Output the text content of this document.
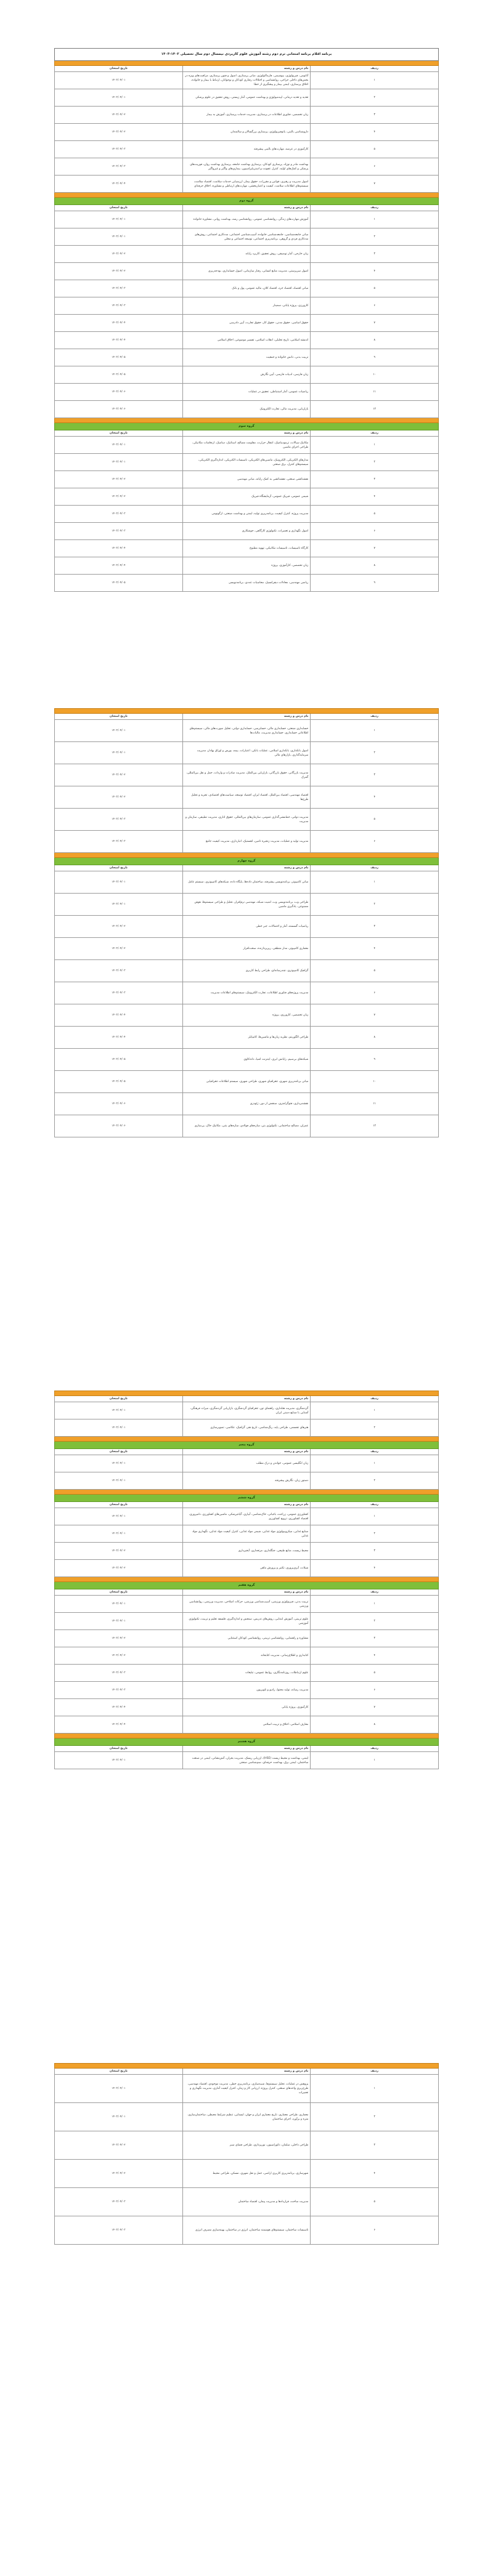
برنامه اقلام برنامه امتحانی ترم دوم رشته آموزش علوم کاربردی نیمسال دوم سال تحصیلی ۱۴۰۲-۱۴۰۳		

ردیف	نام درس و رشته	تاریخ امتحان
۱	آناتومی، فیزیولوژی، بیوشیمی، فارماکولوژی، مبانی پرستاری، اصول و فنون پرستاری، مراقبت‌های ویژه در بخش‌های داخلی جراحی، روانشناسی و اختلالات رفتاری کودکان و نوجوانان، ارتباط با بیمار و خانواده، اخلاق پرستاری، ایمنی بیمار و پیشگیری از خطا	۱۴۰۳/۰۴/۰۱
۲	تغذیه و تغذیه درمانی، اپیدمیولوژی و بهداشت عمومی، آمار زیستی، روش تحقیق در علوم پزشکی	۱۴۰۳/۰۴/۰۱
۳	زبان تخصصی، فناوری اطلاعات در پرستاری، مدیریت خدمات پرستاری، آموزش به بیمار	۱۴۰۳/۰۴/۰۲
۴	داروشناسی بالینی، پاتوفیزیولوژی، پرستاری بزرگسالان و سالمندان	۱۴۰۳/۰۴/۰۲
۵	کارآموزی در عرصه، مهارت‌های بالینی پیشرفته	۱۴۰۳/۰۴/۰۳
۶	بهداشت مادر و نوزاد، پرستاری کودکان، پرستاری بهداشت جامعه، پرستاری بهداشت روان، فوریت‌های پزشکی و کمک‌های اولیه، کنترل عفونت و استریلیزاسیون، بیماری‌های واگیر و غیرواگیر	۱۴۰۳/۰۴/۰۳
۷	اصول مدیریت و رهبری، قوانین و مقررات، حقوق بیمار، ارزشیابی خدمات سلامت، اقتصاد سلامت، سیستم‌های اطلاعات سلامت، کیفیت و اعتباربخشی، مهارت‌های ارتباطی و مشاوره، اخلاق حرفه‌ای	۱۴۰۳/۰۴/۰۴

گروه دوم		
ردیف	نام درس و رشته	تاریخ امتحان
۱	آموزش مهارت‌های زندگی، روانشناسی عمومی، روانشناسی رشد، بهداشت روانی، مشاوره خانواده	۱۴۰۳/۰۴/۰۱
۲	مبانی جامعه‌شناسی، جامعه‌شناسی خانواده، آسیب‌شناسی اجتماعی، مددکاری اجتماعی، روش‌های مددکاری فردی و گروهی، برنامه‌ریزی اجتماعی، توسعه اجتماعی و محلی	۱۴۰۳/۰۴/۰۱
۳	زبان خارجی، آمار توصیفی، روش تحقیق، کاربرد رایانه	۱۴۰۳/۰۴/۰۲
۴	اصول سرپرستی، مدیریت منابع انسانی، رفتار سازمانی، اصول حسابداری، بودجه‌ریزی	۱۴۰۳/۰۴/۰۲
۵	مبانی اقتصاد، اقتصاد خرد، اقتصاد کلان، مالیه عمومی، پول و بانک	۱۴۰۳/۰۴/۰۳
۶	کارورزی، پروژه پایانی، سمینار	۱۴۰۳/۰۴/۰۳
۷	حقوق اساسی، حقوق مدنی، حقوق کار، حقوق تجارت، آیین دادرسی	۱۴۰۳/۰۴/۰۴
۸	اندیشه اسلامی، تاریخ تحلیلی، انقلاب اسلامی، تفسیر موضوعی، اخلاق اسلامی	۱۴۰۳/۰۴/۰۴
۹	تربیت بدنی، دانش خانواده و جمعیت	۱۴۰۳/۰۴/۰۵
۱۰	زبان فارسی، ادبیات فارسی، آیین نگارش	۱۴۰۳/۰۴/۰۵
۱۱	ریاضیات عمومی، آمار استنباطی، تحقیق در عملیات	۱۴۰۳/۰۴/۰۶
۱۲	بازاریابی، مدیریت مالی، تجارت الکترونیک	۱۴۰۳/۰۴/۰۶

گروه سوم		
ردیف	نام درس و رشته	تاریخ امتحان
۱	مکانیک سیالات، ترمودینامیک، انتقال حرارت، مقاومت مصالح، استاتیک، دینامیک، ارتعاشات مکانیکی، طراحی اجزای ماشین	۱۴۰۳/۰۴/۰۱
۲	مدارهای الکتریکی، الکترونیک، ماشین‌های الکتریکی، تاسیسات الکتریکی، اندازه‌گیری الکتریکی، سیستم‌های کنترل، برق صنعتی	۱۴۰۳/۰۴/۰۱
۳	نقشه‌کشی صنعتی، نقشه‌کشی به کمک رایانه، مبانی مهندسی	۱۴۰۳/۰۴/۰۲
۴	شیمی عمومی، فیزیک عمومی، آزمایشگاه فیزیک	۱۴۰۳/۰۴/۰۲
۵	مدیریت پروژه، کنترل کیفیت، برنامه‌ریزی تولید، ایمنی و بهداشت صنعتی، ارگونومی	۱۴۰۳/۰۴/۰۳
۶	اصول نگهداری و تعمیرات، تکنولوژی کارگاهی، جوشکاری	۱۴۰۳/۰۴/۰۳
۷	کارگاه تاسیسات، تاسیسات مکانیکی، تهویه مطبوع	۱۴۰۳/۰۴/۰۴
۸	زبان تخصصی، کارآموزی، پروژه	۱۴۰۳/۰۴/۰۴
۹	ریاضی مهندسی، معادلات دیفرانسیل، محاسبات عددی، برنامه‌نویسی	۱۴۰۳/۰۴/۰۵

ردیف	نام درس و رشته	تاریخ امتحان
۱	حسابداری صنعتی، حسابداری مالی، حسابرسی، حسابداری دولتی، تحلیل صورت‌های مالی، سیستم‌های اطلاعاتی حسابداری، حسابداری مدیریت، مالیات‌ها	۱۴۰۳/۰۴/۰۱
۲	اصول بانکداری، بانکداری اسلامی، عملیات بانکی، اعتبارات، بیمه، بورس و اوراق بهادار، مدیریت سرمایه‌گذاری، بازارهای مالی	۱۴۰۳/۰۴/۰۱
۳	مدیریت بازرگانی، حقوق بازرگانی، بازاریابی بین‌الملل، مدیریت صادرات و واردات، حمل و نقل بین‌المللی، گمرک	۱۴۰۳/۰۴/۰۲
۴	اقتصاد مهندسی، اقتصاد بین‌الملل، اقتصاد ایران، اقتصاد توسعه، سیاست‌های اقتصادی، تجزیه و تحلیل طرح‌ها	۱۴۰۳/۰۴/۰۲
۵	مدیریت دولتی، خط‌مشی‌گذاری عمومی، سازمان‌های بین‌المللی، حقوق اداری، مدیریت تطبیقی، سازمان و مدیریت	۱۴۰۳/۰۴/۰۳
۶	مدیریت تولید و عملیات، مدیریت زنجیره تامین، لجستیک، انبارداری، مدیریت کیفیت جامع	۱۴۰۳/۰۴/۰۳

گروه چهارم		
ردیف	نام درس و رشته	تاریخ امتحان
۱	مبانی کامپیوتر، برنامه‌نویسی پیشرفته، ساختمان داده‌ها، پایگاه داده، شبکه‌های کامپیوتری، سیستم عامل	۱۴۰۳/۰۴/۰۱
۲	طراحی وب، برنامه‌نویسی وب، امنیت شبکه، مهندسی نرم‌افزار، تحلیل و طراحی سیستم‌ها، هوش مصنوعی، یادگیری ماشین	۱۴۰۳/۰۴/۰۱
۳	ریاضیات گسسته، آمار و احتمالات، جبر خطی	۱۴۰۳/۰۴/۰۲
۴	معماری کامپیوتر، مدار منطقی، ریزپردازنده، سخت‌افزار	۱۴۰۳/۰۴/۰۲
۵	گرافیک کامپیوتری، چندرسانه‌ای، طراحی رابط کاربری	۱۴۰۳/۰۴/۰۳
۶	مدیریت پروژه‌های فناوری اطلاعات، تجارت الکترونیک، سیستم‌های اطلاعات مدیریت	۱۴۰۳/۰۴/۰۳
۷	زبان تخصصی، کارورزی، پروژه	۱۴۰۳/۰۴/۰۴
۸	طراحی الگوریتم، نظریه زبان‌ها و ماشین‌ها، کامپایلر	۱۴۰۳/۰۴/۰۴
۹	شبکه‌های بی‌سیم، رایانش ابری، اینترنت اشیا، داده‌کاوی	۱۴۰۳/۰۴/۰۵
۱۰	مبانی برنامه‌ریزی شهری، جغرافیای شهری، طراحی شهری، سیستم اطلاعات جغرافیایی	۱۴۰۳/۰۴/۰۵
۱۱	نقشه‌برداری، فتوگرامتری، سنجش از دور، ژئودزی	۱۴۰۳/۰۴/۰۶
۱۲	عمران، مصالح ساختمانی، تکنولوژی بتن، سازه‌های فولادی، سازه‌های بتنی، مکانیک خاک، پی‌سازی	۱۴۰۳/۰۴/۰۶

ردیف	نام درس و رشته	تاریخ امتحان
۱	گردشگری، مدیریت هتلداری، راهنمای تور، جغرافیای گردشگری، بازاریابی گردشگری، میراث فرهنگی، آشنایی با صنایع دستی ایران	۱۴۰۳/۰۴/۰۱
۲	هنرهای تجسمی، طراحی پایه، رنگ‌شناسی، تاریخ هنر، گرافیک، عکاسی، تصویرسازی	۱۴۰۳/۰۴/۰۱

گروه پنجم		
ردیف	نام درس و رشته	تاریخ امتحان
۱	زبان انگلیسی عمومی، خواندن و درک مطلب	۱۴۰۳/۰۴/۰۱
۲	دستور زبان، نگارش پیشرفته	۱۴۰۳/۰۴/۰۱

گروه ششم		
ردیف	نام درس و رشته	تاریخ امتحان
۱	کشاورزی عمومی، زراعت، باغبانی، خاک‌شناسی، آبیاری، گیاه‌پزشکی، ماشین‌های کشاورزی، دامپروری، اقتصاد کشاورزی، ترویج کشاورزی	۱۴۰۳/۰۴/۰۱
۲	صنایع غذایی، میکروبیولوژی مواد غذایی، شیمی مواد غذایی، کنترل کیفیت مواد غذایی، نگهداری مواد غذایی	۱۴۰۳/۰۴/۰۱
۳	محیط زیست، منابع طبیعی، جنگلداری، مرتعداری، آبخیزداری	۱۴۰۳/۰۴/۰۲
۴	شیلات، آبزی‌پروری، تکثیر و پرورش ماهی	۱۴۰۳/۰۴/۰۲

گروه هفتم		
ردیف	نام درس و رشته	تاریخ امتحان
۱	تربیت بدنی، فیزیولوژی ورزشی، آسیب‌شناسی ورزشی، حرکات اصلاحی، مدیریت ورزشی، روانشناسی ورزشی	۱۴۰۳/۰۴/۰۱
۲	علوم تربیتی، آموزش ابتدایی، روش‌های تدریس، سنجش و اندازه‌گیری، فلسفه تعلیم و تربیت، تکنولوژی آموزشی	۱۴۰۳/۰۴/۰۱
۳	مشاوره و راهنمایی، روانشناسی تربیتی، روانشناسی کودکان استثنایی	۱۴۰۳/۰۴/۰۲
۴	کتابداری و اطلاع‌رسانی، مدیریت کتابخانه	۱۴۰۳/۰۴/۰۲
۵	علوم ارتباطات، روزنامه‌نگاری، روابط عمومی، تبلیغات	۱۴۰۳/۰۴/۰۳
۶	مدیریت رسانه، تولید محتوا، رادیو و تلویزیون	۱۴۰۳/۰۴/۰۳
۷	کارآموزی، پروژه پایانی	۱۴۰۳/۰۴/۰۴
۸	معارف اسلامی، اخلاق و تربیت اسلامی	۱۴۰۳/۰۴/۰۴

گروه هشتم		
ردیف	نام درس و رشته	تاریخ امتحان
۱	ایمنی، بهداشت و محیط زیست (HSE)، ارزیابی ریسک، مدیریت بحران، آتش‌نشانی، ایمنی در صنعت ساختمان، ایمنی برق، بهداشت حرفه‌ای، سم‌شناسی صنعتی	۱۴۰۳/۰۴/۰۱

ردیف	نام درس و رشته	تاریخ امتحان
۱	پژوهش در عملیات، تحلیل سیستم‌ها، شبیه‌سازی، برنامه‌ریزی خطی، مدیریت موجودی، اقتصاد مهندسی، طرح‌ریزی واحدهای صنعتی، کنترل پروژه، ارزیابی کار و زمان، کنترل کیفیت آماری، مدیریت نگهداری و تعمیرات	۱۴۰۳/۰۴/۰۱
۲	معماری، طراحی معماری، تاریخ معماری ایران و جهان، ایستایی، تنظیم شرایط محیطی، ساختمان‌سازی، متره و برآورد، اجرای ساختمان	۱۴۰۳/۰۴/۰۱
۳	طراحی داخلی، مبلمان، دکوراسیون، نورپردازی، طراحی فضای سبز	۱۴۰۳/۰۴/۰۲
۴	شهرسازی، برنامه‌ریزی کاربری اراضی، حمل و نقل شهری، مسکن، طراحی محیط	۱۴۰۳/۰۴/۰۲
۵	مدیریت ساخت، قراردادها و مدیریت پیمان، اقتصاد ساختمان	۱۴۰۳/۰۴/۰۳
۶	تاسیسات ساختمان، سیستم‌های هوشمند ساختمان، انرژی در ساختمان، بهینه‌سازی مصرف انرژی	۱۴۰۳/۰۴/۰۳
